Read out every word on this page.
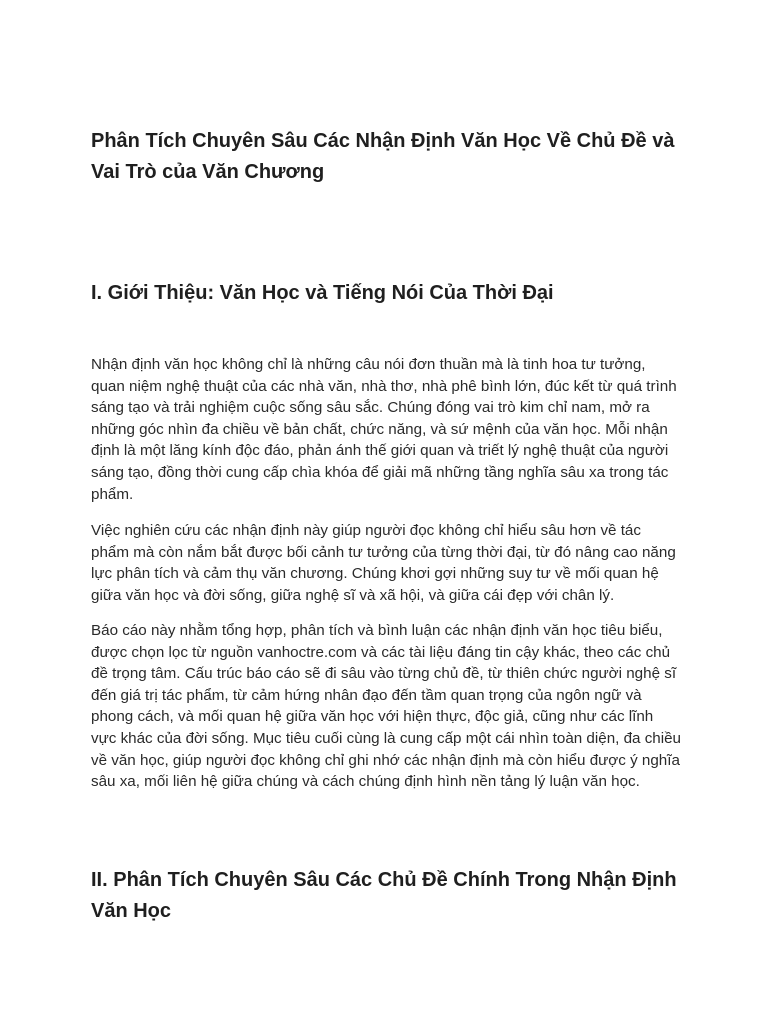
Phân Tích Chuyên Sâu Các Nhận Định Văn Học Về Chủ Đề và Vai Trò của Văn Chương
I. Giới Thiệu: Văn Học và Tiếng Nói Của Thời Đại

Nhận định văn học không chỉ là những câu nói đơn thuần mà là tinh hoa tư tưởng, quan niệm nghệ thuật của các nhà văn, nhà thơ, nhà phê bình lớn, đúc kết từ quá trình sáng tạo và trải nghiệm cuộc sống sâu sắc. Chúng đóng vai trò kim chỉ nam, mở ra những góc nhìn đa chiều về bản chất, chức năng, và sứ mệnh của văn học. Mỗi nhận định là một lăng kính độc đáo, phản ánh thế giới quan và triết lý nghệ thuật của người sáng tạo, đồng thời cung cấp chìa khóa để giải mã những tầng nghĩa sâu xa trong tác phẩm.

Việc nghiên cứu các nhận định này giúp người đọc không chỉ hiểu sâu hơn về tác phẩm mà còn nắm bắt được bối cảnh tư tưởng của từng thời đại, từ đó nâng cao năng lực phân tích và cảm thụ văn chương. Chúng khơi gợi những suy tư về mối quan hệ giữa văn học và đời sống, giữa nghệ sĩ và xã hội, và giữa cái đẹp với chân lý.

Báo cáo này nhằm tổng hợp, phân tích và bình luận các nhận định văn học tiêu biểu, được chọn lọc từ nguồn vanhoctre.com và các tài liệu đáng tin cậy khác, theo các chủ đề trọng tâm. Cấu trúc báo cáo sẽ đi sâu vào từng chủ đề, từ thiên chức người nghệ sĩ đến giá trị tác phẩm, từ cảm hứng nhân đạo đến tầm quan trọng của ngôn ngữ và phong cách, và mối quan hệ giữa văn học với hiện thực, độc giả, cũng như các lĩnh vực khác của đời sống. Mục tiêu cuối cùng là cung cấp một cái nhìn toàn diện, đa chiều về văn học, giúp người đọc không chỉ ghi nhớ các nhận định mà còn hiểu được ý nghĩa sâu xa, mối liên hệ giữa chúng và cách chúng định hình nền tảng lý luận văn học.

II. Phân Tích Chuyên Sâu Các Chủ Đề Chính Trong Nhận Định Văn Học
